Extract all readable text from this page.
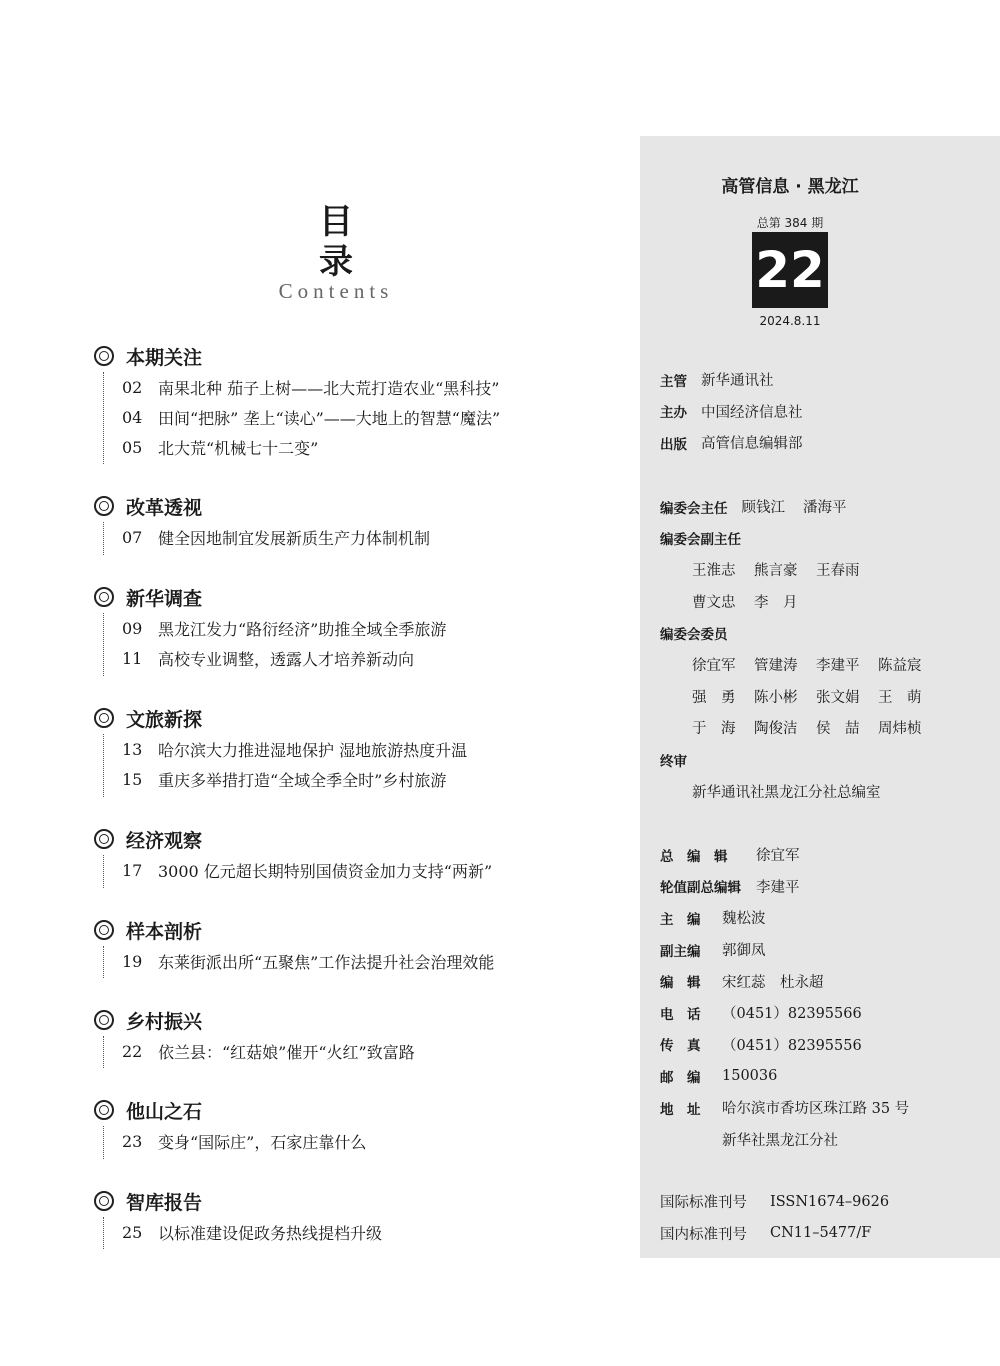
目　录
Contents
本期关注
02 南果北种 茄子上树——北大荒打造农业“黑科技”
04 田间“把脉” 垄上“读心”——大地上的智慧“魔法”
05 北大荒“机械七十二变”
改革透视
07 健全因地制宜发展新质生产力体制机制
新华调查
09 黑龙江发力“路衍经济”助推全域全季旅游
11 高校专业调整，透露人才培养新动向
文旅新探
13 哈尔滨大力推进湿地保护 湿地旅游热度升温
15 重庆多举措打造“全域全季全时”乡村旅游
经济观察
17 3000 亿元超长期特别国债资金加力支持“两新”
样本剖析
19 东莱街派出所“五聚焦”工作法提升社会治理效能
乡村振兴
22 依兰县：“红菇娘”催开“火红”致富路
他山之石
23 变身“国际庄”，石家庄靠什么
智库报告
25 以标准建设促政务热线提档升级
高管信息 · 黑龙江
总第 384 期
22
2024.8.11
主管 新华通讯社
主办 中国经济信息社
出版 高管信息编辑部
编委会主任 顾钱江 潘海平
编委会副主任
王淮志	熊言豪	王春雨
曹文忠	李　月
编委会委员
徐宜军	管建涛	李建平	陈益宸
强　勇	陈小彬	张文娟	王　萌
于　海	陶俊洁	侯　喆	周炜桢
终审
新华通讯社黑龙江分社总编室
总　编　辑	徐宜军
轮值副总编辑	李建平
主　编	魏松波
副主编	郭御凤
编　辑	宋红蕊　杜永超
电　话	（0451）82395566
传　真	（0451）82395556
邮　编	150036
地　址	哈尔滨市香坊区珠江路 35 号
新华社黑龙江分社
国际标准刊号	ISSN1674–9626
国内标准刊号	CN11–5477/F
